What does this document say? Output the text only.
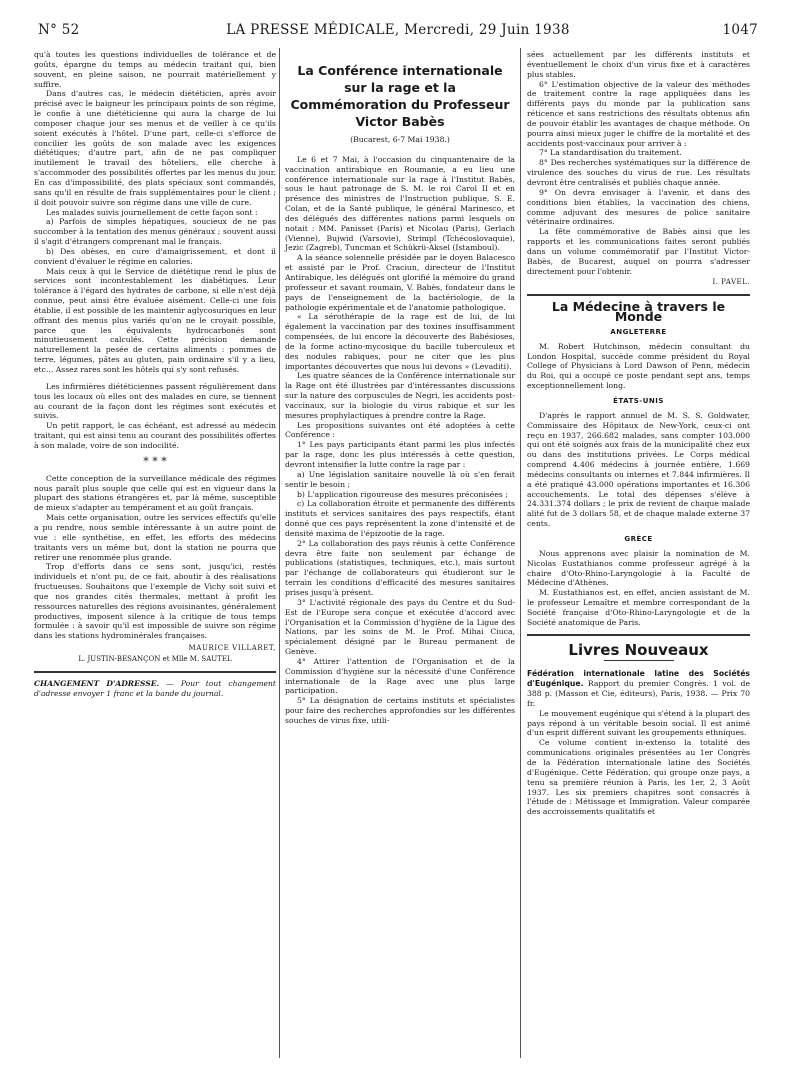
N° 52	LA PRESSE MÉDICALE, Mercredi, 29 Juin 1938	1047

qu'à toutes les questions individuelles de tolérance et de goûts, épargne du temps au médecin traitant qui, bien souvent, en pleine saison, ne pourrait matériellement y suffire.

Dans d'autres cas, le médecin diététicien, après avoir précisé avec le baigneur les principaux points de son régime, le confie à une diététicienne qui aura la charge de lui composer chaque jour ses menus et de veiller à ce qu'ils soient exécutés à l'hôtel. D'une part, celle-ci s'efforce de concilier les goûts de son malade avec les exigences diététiques; d'autre part, afin de ne pas compliquer inutilement le travail des hôteliers, elle cherche à s'accommoder des possibilités offertes par les menus du jour. En cas d'impossibilité, des plats spéciaux sont commandés, sans qu'il en résulte de frais supplémentaires pour le client ; il doit pouvoir suivre son régime dans une ville de cure.

Les malades suivis journellement de cette façon sont :

a) Parfois de simples hépatiques, soucieux de ne pas succomber à la tentation des menus généraux ; souvent aussi il s'agit d'étrangers comprenant mal le français.

b) Des obèses, en cure d'amaigrissement, et dont il convient d'évaluer le régime en calories.

Mais ceux à qui le Service de diététique rend le plus de services sont incontestablement les diabétiques. Leur tolérance à l'égard des hydrates de carbone, si elle n'est déjà connue, peut ainsi être évaluée aisément. Celle-ci une fois établie, il est possible de les maintenir aglycosuriques en leur offrant des menus plus variés qu'on ne le croyait possible, parce que les équivalents hydrocarbonés sont minutieusement calculés. Cette précision demande naturellement la pesée de certains aliments : pommes de terre, légumes, pâtes au gluten, pain ordinaire s'il y a lieu, etc... Assez rares sont les hôtels qui s'y sont refusés.

Les infirmières diététiciennes passent régulièrement dans tous les locaux où elles ont des malades en cure, se tiennent au courant de la façon dont les régimes sont exécutés et suivis.

Un petit rapport, le cas échéant, est adressé au médecin traitant, qui est ainsi tenu au courant des possibilités offertes à son malade, voire de son indocilité.

* * *

Cette conception de la surveillance médicale des régimes nous paraît plus souple que celle qui est en vigueur dans la plupart des stations étrangères et, par là même, susceptible de mieux s'adapter au tempérament et au goût français.

Mais cette organisation, outre les services effectifs qu'elle a pu rendre, nous semble intéressante à un autre point de vue : elle synthétise, en effet, les efforts des médecins traitants vers un même but, dont la station ne pourra que retirer une renommée plus grande.

Trop d'efforts dans ce sens sont, jusqu'ici, restés individuels et n'ont pu, de ce fait, aboutir à des réalisations fructueuses. Souhaitons que l'exemple de Vichy soit suivi et que nos grandes cités thermales, mettant à profit les ressources naturelles des régions avoisinantes, généralement productives, imposent silence à la critique de tous temps formulée : à savoir qu'il est impossible de suivre son régime dans les stations hydrominérales françaises.

MAURICE VILLARET,
L. JUSTIN-BESANÇON et Mlle M. SAUTEL

CHANGEMENT D'ADRESSE. — Pour tout changement d'adresse envoyer 1 franc et la bande du journal.

La Conférence internationale sur la rage et la Commémoration du Professeur Victor Babès
(Bucarest, 6-7 Mai 1938.)

Le 6 et 7 Mai, à l'occasion du cinquantenaire de la vaccination antirabique en Roumanie, a eu lieu une conférence internationale sur la rage à l'Institut Babès, sous le haut patronage de S. M. le roi Carol II et en présence des ministres de l'Instruction publique, S. E. Colan, et de la Santé publique, le général Marinesco, et des délégués des différentes nations parmi lesquels on notait : MM. Panisset (Paris) et Nicolau (Paris), Gerlach (Vienne), Bujwid (Varsovie), Strimpl (Tchécoslovaquie), Jezic (Zagreb), Tuncman et Schükrü-Aksel (Istamboul).

A la séance solennelle présidée par le doyen Balacesco et assisté par le Prof. Craciun, directeur de l'Institut Antirabique, les délégués ont glorifié la mémoire du grand professeur et savant roumain, V. Babès, fondateur dans le pays de l'enseignement de la bactériologie, de la pathologie expérimentale et de l'anatomie pathologique.

« La sérothérapie de la rage est de lui, de lui également la vaccination par des toxines insuffisamment compensées, de lui encore la découverte des Babésioses, de la forme actino-mycosique du bacille tuberculeux et des nodules rabiques, pour ne citer que les plus importantes découvertes que nous lui devons » (Levaditi).

Les quatre séances de la Conférence internationale sur la Rage ont été illustrées par d'intéressantes discussions sur la nature des corpuscules de Negri, les accidents post-vaccinaux, sur la biologie du virus rabique et sur les mesures prophylactiques à prendre contre la Rage.

Les propositions suivantes ont été adoptées à cette Conférence :

1° Les pays participants étant parmi les plus infectés par la rage, donc les plus intéressés à cette question, devront intensifier la lutte contre la rage par :

a) Une législation sanitaire nouvelle là où s'en ferait sentir le besoin ;

b) L'application rigoureuse des mesures préconisées ;

c) La collaboration étroite et permanente des différents instituts et services sanitaires des pays respectifs, étant donné que ces pays représentent la zone d'intensité et de densité maxima de l'épizootie de la rage.

2° La collaboration des pays réunis à cette Conférence devra être faite non seulement par échange de publications (statistiques, techniques, etc.), mais surtout par l'échange de collaborateurs qui étudieront sur le terrain les conditions d'efficacité des mesures sanitaires prises jusqu'à présent.

3° L'activité régionale des pays du Centre et du Sud-Est de l'Europe sera conçue et exécutée d'accord avec l'Organisation et la Commission d'hygiène de la Ligue des Nations, par les soins de M. le Prof. Mihai Ciuca, spécialement désigné par le Bureau permanent de Genève.

4° Attirer l'attention de l'Organisation et de la Commission d'hygiène sur la nécessité d'une Conférence internationale de la Rage avec une plus large participation.

5° La désignation de certains instituts et spécialistes pour faire des recherches approfondies sur les différentes souches de virus fixe, utili-

sées actuellement par les différents instituts et éventuellement le choix d'un virus fixe et à caractères plus stables.

6° L'estimation objective de la valeur des méthodes de traitement contre la rage appliquées dans les différents pays du monde par la publication sans réticence et sans restrictions des résultats obtenus afin de pouvoir établir les avantages de chaque méthode. On pourra ainsi mieux juger le chiffre de la mortalité et des accidents post-vaccinaux pour arriver à :

7° La standardisation du traitement.

8° Des recherches systématiques sur la différence de virulence des souches du virus de rue. Les résultats devront être centralisés et publiés chaque année.

9° On devra envisager à l'avenir, et dans des conditions bien établies, la vaccination des chiens, comme adjuvant des mesures de police sanitaire vétérinaire ordinaires.

La fête commémorative de Babès ainsi que les rapports et les communications faites seront publiés dans un volume commémoratif par l'Institut Victor-Babès, de Bucarest, auquel on pourra s'adresser directement pour l'obtenir.

I. PAVEL.
La Médecine à travers le Monde
ANGLETERRE

M. Robert Hutchinson, médecin consultant du London Hospital, succède comme président du Royal College of Physicians à Lord Dawson of Penn, médecin du Roi, qui a occupé ce poste pendant sept ans, temps exceptionnellement long.

ÉTATS-UNIS

D'après le rapport annuel de M. S. S. Goldwater, Commissaire des Hôpitaux de New-York, ceux-ci ont reçu en 1937, 266.682 malades, sans compter 103.000 qui ont été soignés aux frais de la municipalité chez eux ou dans des institutions privées. Le Corps médical comprend 4.406 médecins à journée entière, 1.669 médecins consultants ou internes et 7.844 infirmières. Il a été pratiqué 43.000 opérations importantes et 16.306 accouchements. Le total des dépenses s'élève à 24.331.374 dollars ; le prix de revient de chaque malade alité fut de 3 dollars 58, et de chaque malade externe 37 cents.

GRÈCE

Nous apprenons avec plaisir la nomination de M. Nicolas Eustathianos comme professeur agrégé à la chaire d'Oto-Rhino-Laryngologie à la Faculté de Médecine d'Athènes.

M. Eustathianos est, en effet, ancien assistant de M. le professeur Lemaître et membre correspondant de la Société française d'Oto-Rhino-Laryngologie et de la Société anatomique de Paris.

Livres Nouveaux

Fédération internationale latine des Sociétés d'Eugénique. Rapport du premier Congrès. 1 vol. de 388 p. (Masson et Cie, éditeurs), Paris, 1938. — Prix 70 fr.

Le mouvement eugénique qui s'étend à la plupart des pays répond à un véritable besoin social. Il est animé d'un esprit différent suivant les groupements ethniques.

Ce volume contient in-extenso la totalité des communications originales présentées au 1er Congrès de la Fédération internationale latine des Sociétés d'Eugénique. Cette Fédération, qui groupe onze pays, a tenu sa première réunion à Paris, les 1er, 2, 3 Août 1937. Les six premiers chapitres sont consacrés à l'étude de : Métissage et Immigration. Valeur comparée des accroissements qualitatifs et
